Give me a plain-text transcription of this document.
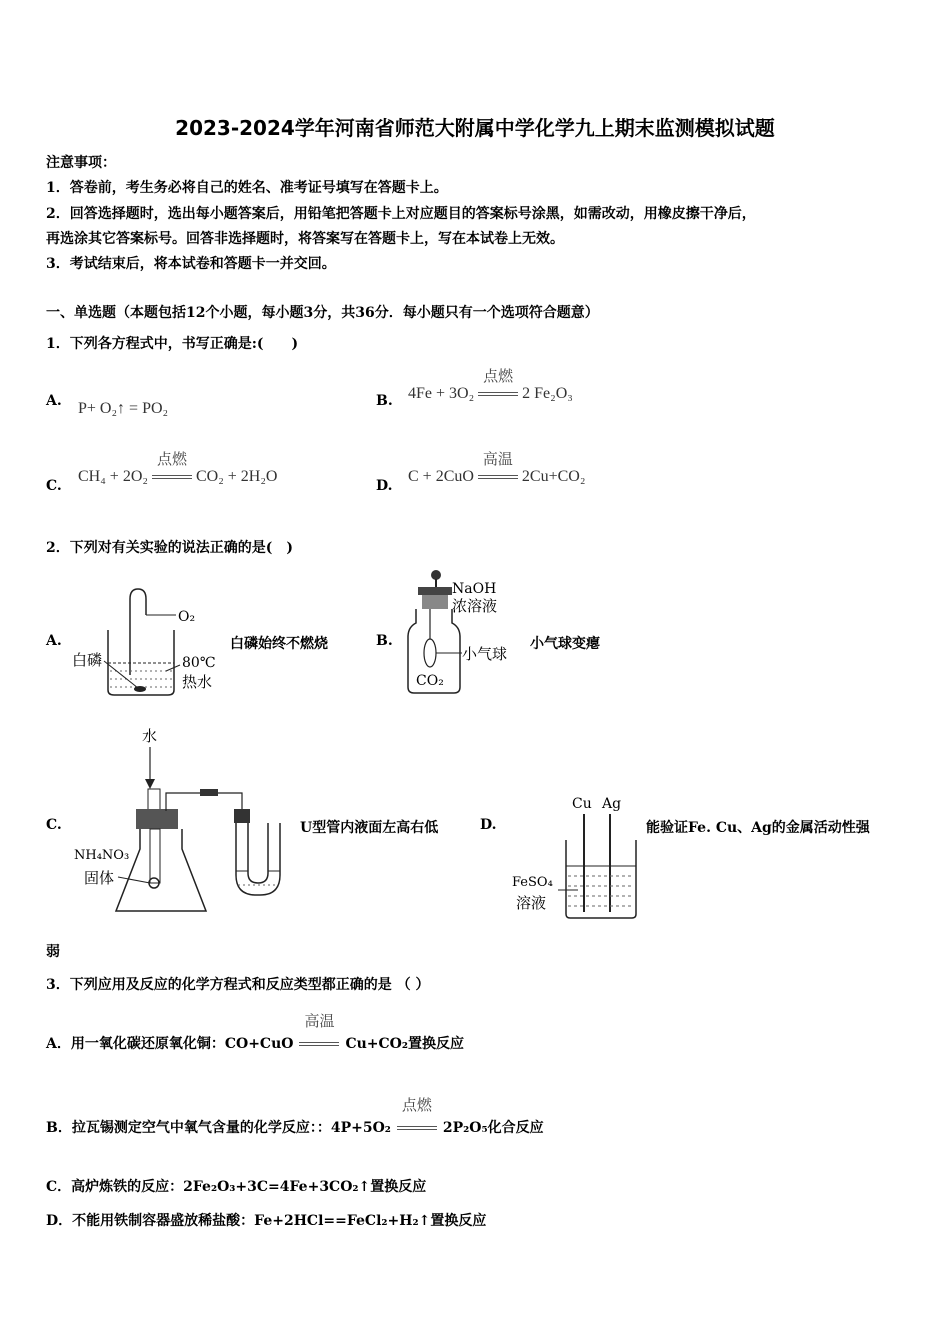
2023-2024学年河南省师范大附属中学化学九上期末监测模拟试题
注意事项：
1．答卷前，考生务必将自己的姓名、准考证号填写在答题卡上。
2．回答选择题时，选出每小题答案后，用铅笔把答题卡上对应题目的答案标号涂黑，如需改动，用橡皮擦干净后，
再选涂其它答案标号。回答非选择题时，将答案写在答题卡上，写在本试卷上无效。
3．考试结束后，将本试卷和答题卡一并交回。
一、单选题（本题包括12个小题，每小题3分，共36分．每小题只有一个选项符合题意）
1．下列各方程式中，书写正确是:(　　)
A. P+ O₂↑ = PO₂	B. 4Fe + 3O₂
点燃
2 Fe₂O₃
C.
CH₄ + 2O₂
点燃
CO₂ + 2H₂O
D.
C + 2CuO
高温
2Cu+CO₂
2．下列对有关实验的说法正确的是(　)
A.
O₂
白磷	80℃
热水
白磷始终不燃烧	B.
NaOH
浓溶液
小气球
CO₂
小气球变瘪
C.
水
NH₄NO₃
固体
U型管内液面左高右低	D.
Cu Ag
FeSO₄
溶液
能验证Fe. Cu、Ag的金属活动性强
弱
3．下列应用及反应的化学方程式和反应类型都正确的是 （ ）
A．用一氧化碳还原氧化铜：CO+CuO
高温
Cu+CO₂置换反应
B．拉瓦锡测定空气中氧气含量的化学反应：：4P+5O₂
点燃
2P₂O₅化合反应
C．高炉炼铁的反应：2Fe₂O₃+3C=4Fe+3CO₂↑置换反应
D．不能用铁制容器盛放稀盐酸：Fe+2HCl==FeCl₂+H₂↑置换反应
